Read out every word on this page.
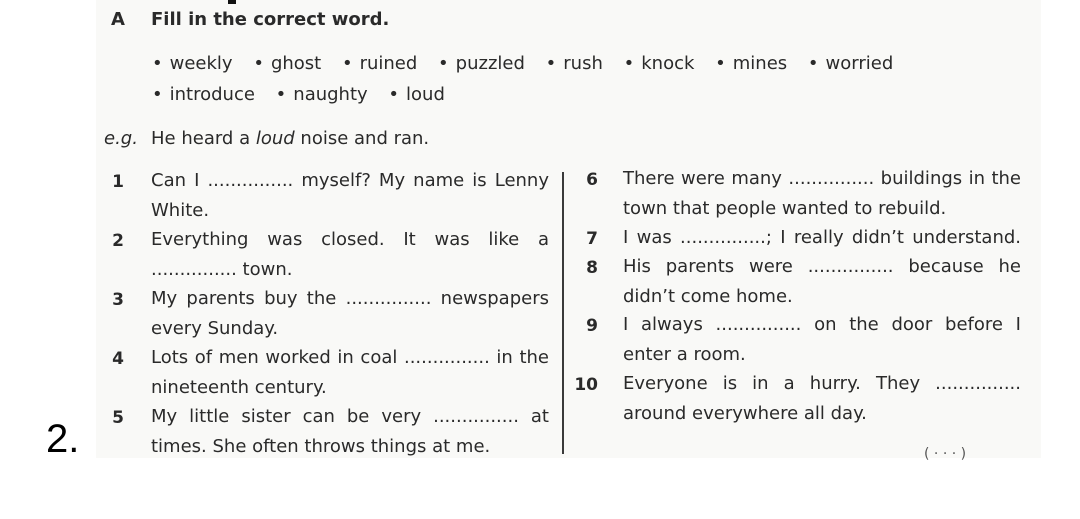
A Fill in the correct word.
• weekly • ghost • ruined • puzzled • rush • knock • mines • worried
• introduce • naughty • loud
e.g. He heard a loud noise and ran.
1 Can I ............... myself? My name is Lenny
White.
2 Everything was closed. It was like a
............... town.
3 My parents buy the ............... newspapers
every Sunday.
4 Lots of men worked in coal ............... in the
nineteenth century.
5 My little sister can be very ............... at
times. She often throws things at me.
6 There were many ............... buildings in the
town that people wanted to rebuild.
7 I was ...............; I really didn’t understand.
8 His parents were ............... because he
didn’t come home.
9 I always ............... on the door before I
enter a room.
10 Everyone is in a hurry. They ...............
around everywhere all day.
2.	( · · · )
